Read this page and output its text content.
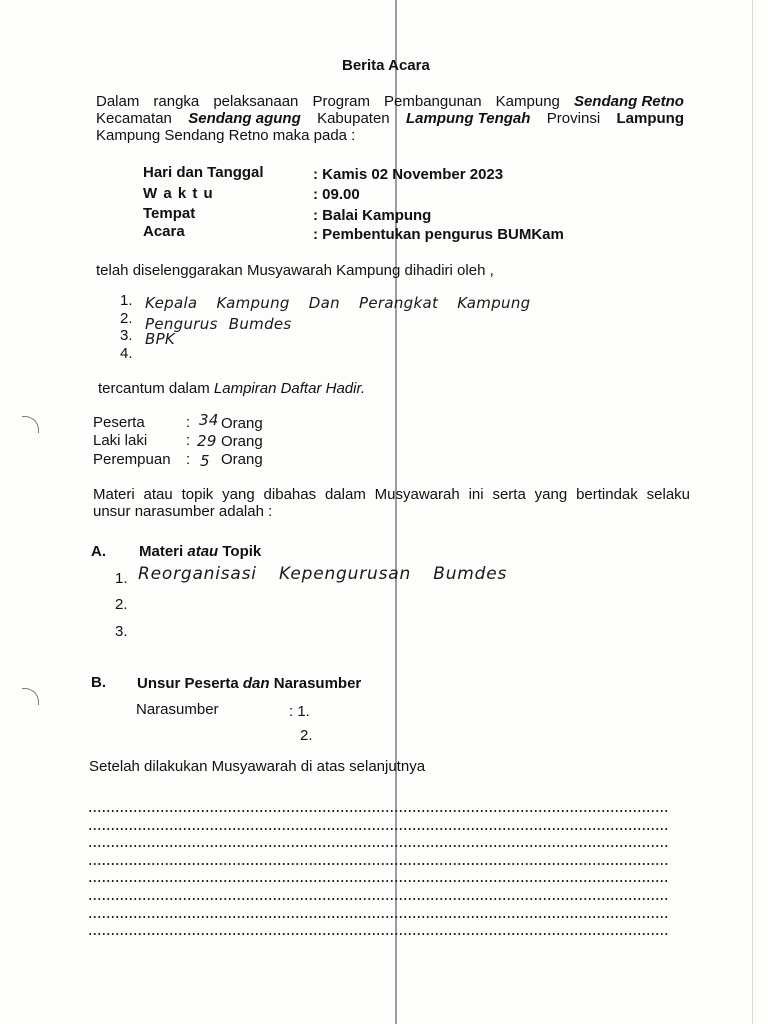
Berita Acara
Dalam rangka pelaksanaan Program Pembangunan Kampung Sendang Retno
Kecamatan Sendang agung Kabupaten Lampung Tengah Provinsi Lampung
Kampung Sendang Retno maka pada :
Hari dan Tanggal	: Kamis 02 November 2023
W a k t u	: 09.00
Tempat	: Balai Kampung
Acara	: Pembentukan pengurus BUMKam
telah diselenggarakan Musyawarah Kampung dihadiri oleh ,
1. Kepala Kampung Dan Perangkat Kampung
2. Pengurus Bumdes
3. BPK
4.
tercantum dalam Lampiran Daftar Hadir.
Peserta	: 34 Orang
Laki laki	: 29 Orang
Perempuan : 5 Orang
Materi atau topik yang dibahas dalam Musyawarah ini serta yang bertindak selaku
unsur narasumber adalah :
A. Materi atau Topik
1. Reorganisasi Kepengurusan Bumdes
2.
3.
B. Unsur Peserta dan Narasumber
Narasumber	: 1.
2.
Setelah dilakukan Musyawarah di atas selanjutnya
